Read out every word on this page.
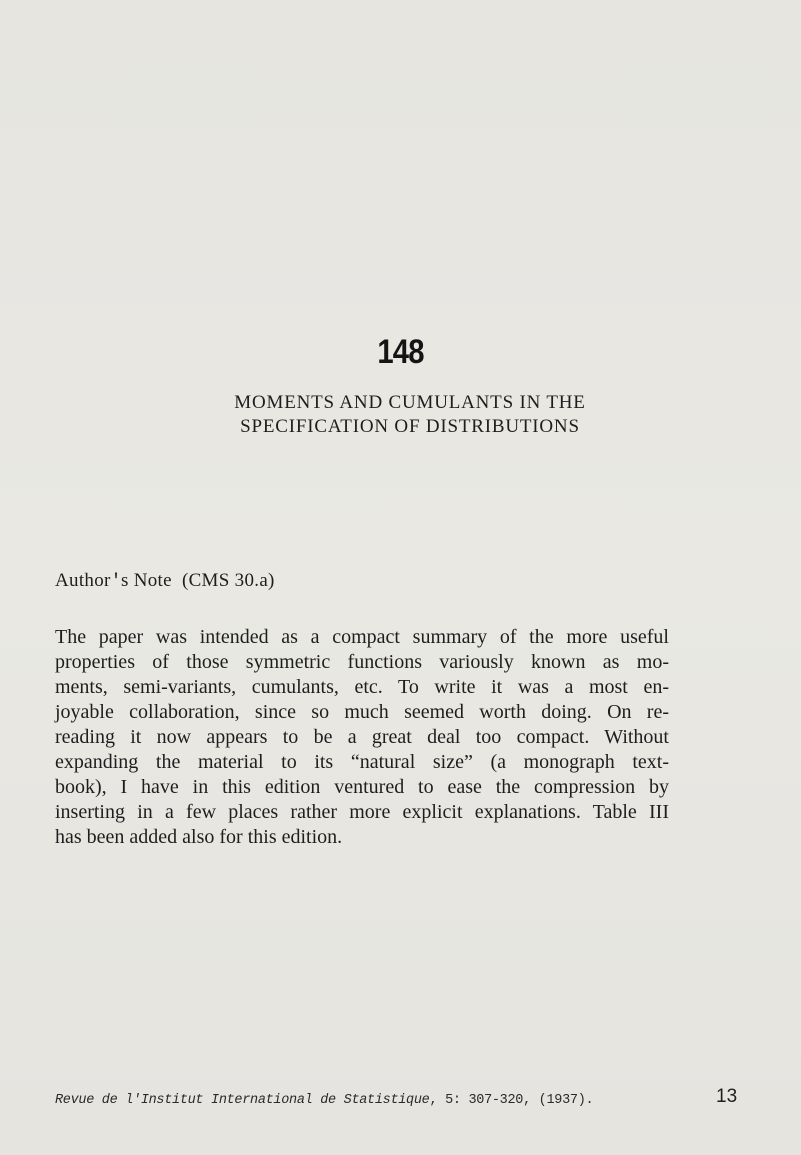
148
MOMENTS AND CUMULANTS IN THE
SPECIFICATION OF DISTRIBUTIONS
Author's Note (CMS 30.a)
The paper was intended as a compact summary of the more useful
properties of those symmetric functions variously known as mo-
ments, semi-variants, cumulants, etc. To write it was a most en-
joyable collaboration, since so much seemed worth doing. On re-
reading it now appears to be a great deal too compact. Without
expanding the material to its “natural size” (a monograph text-
book), I have in this edition ventured to ease the compression by
inserting in a few places rather more explicit explanations. Table III
has been added also for this edition.
Revue de l'Institut International de Statistique, 5: 307-320, (1937).	13
